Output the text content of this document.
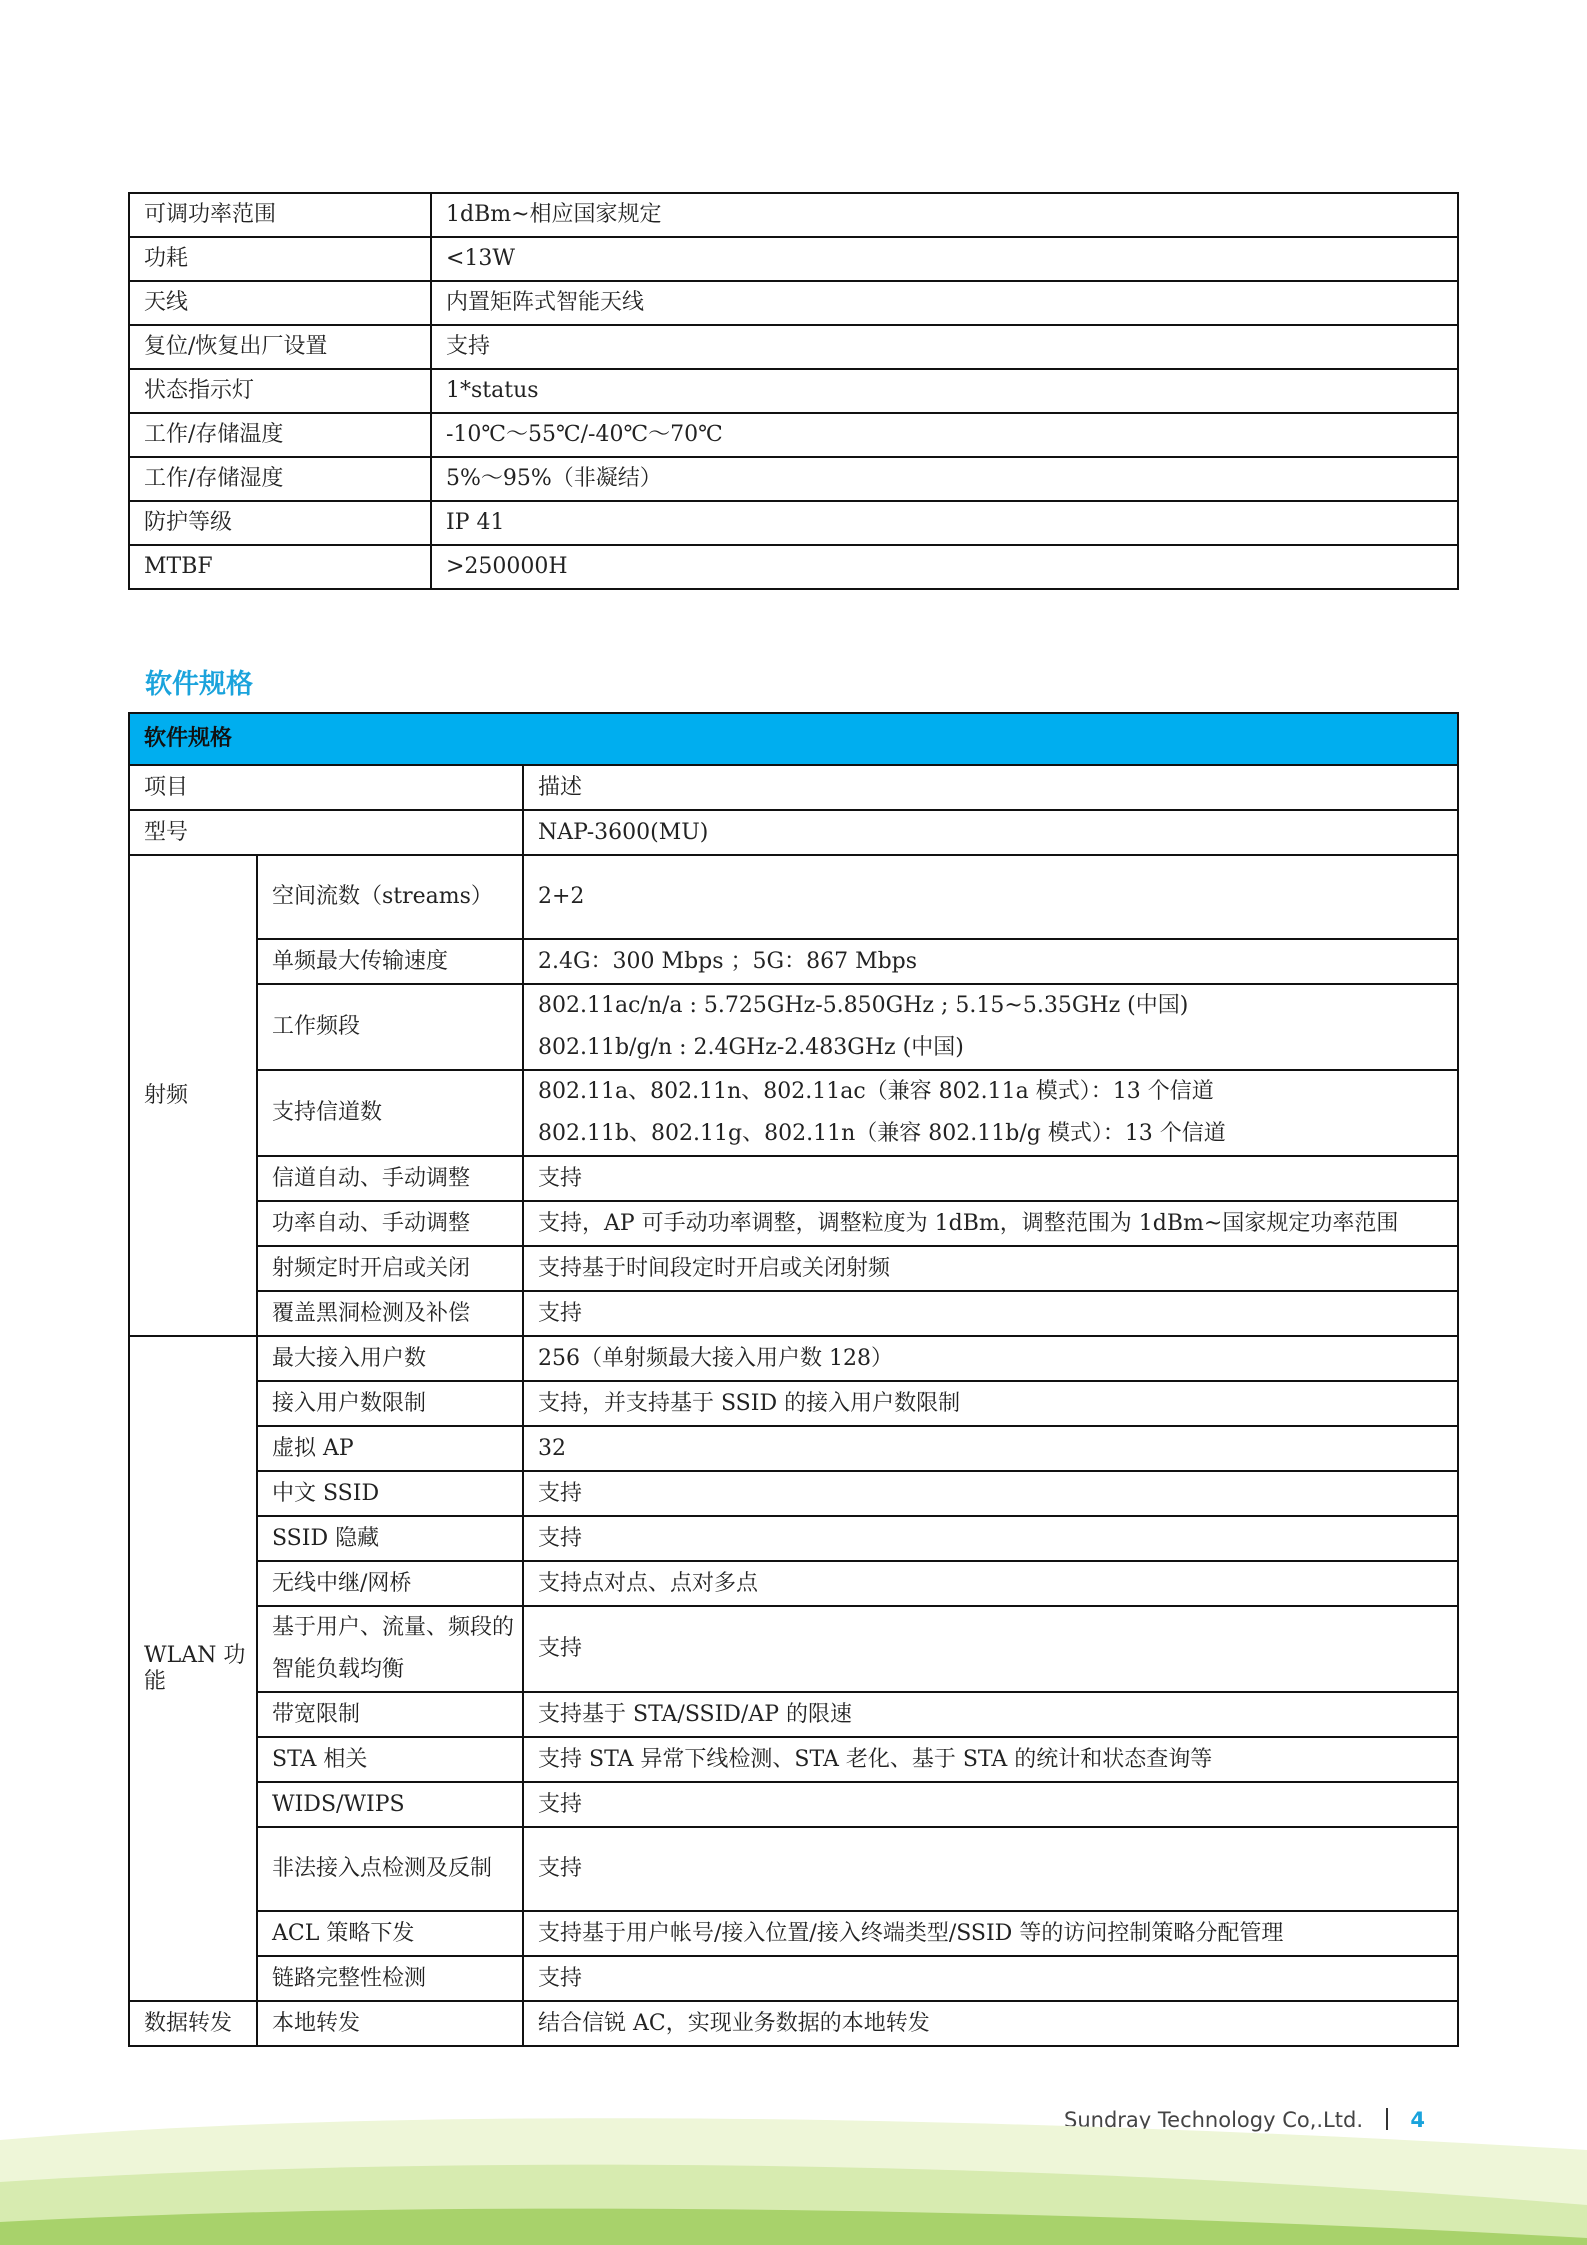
可调功率范围	1dBm~相应国家规定
功耗	<13W
天线	内置矩阵式智能天线
复位/恢复出厂设置	支持
状态指示灯	1*status
工作/存储温度	-10℃～55℃/-40℃～70℃
工作/存储湿度	5%～95%（非凝结）
防护等级	IP 41
MTBF	>250000H
软件规格
软件规格		
项目		描述
型号		NAP-3600(MU)
射频	空间流数（streams）	2+2

	单频最大传输速度	2.4G：300 Mbps ；5G：867 Mbps

	工作频段	802.11ac/n/a : 5.725GHz-5.850GHz ; 5.15~5.35GHz (中国)
802.11b/g/n : 2.4GHz-2.483GHz (中国)

	支持信道数	802.11a、802.11n、802.11ac（兼容 802.11a 模式）：13 个信道
802.11b、802.11g、802.11n（兼容 802.11b/g 模式）：13 个信道

	信道自动、手动调整	支持

	功率自动、手动调整	支持，AP 可手动功率调整，调整粒度为 1dBm，调整范围为 1dBm~国家规定功率范围

	射频定时开启或关闭	支持基于时间段定时开启或关闭射频

	覆盖黑洞检测及补偿	支持

WLAN 功能	最大接入用户数	256（单射频最大接入用户数 128）

	接入用户数限制	支持，并支持基于 SSID 的接入用户数限制

	虚拟 AP	32

	中文 SSID	支持

	SSID 隐藏	支持

	无线中继/网桥	支持点对点、点对多点

	基于用户、流量、频段的智能负载均衡	支持

	带宽限制	支持基于 STA/SSID/AP 的限速

	STA 相关	支持 STA 异常下线检测、STA 老化、基于 STA 的统计和状态查询等

	WIDS/WIPS	支持

	非法接入点检测及反制	支持

	ACL 策略下发	支持基于用户帐号/接入位置/接入终端类型/SSID 等的访问控制策略分配管理

	链路完整性检测	支持

数据转发	本地转发	结合信锐 AC，实现业务数据的本地转发
Sundray Technology Co,.Ltd. 4
